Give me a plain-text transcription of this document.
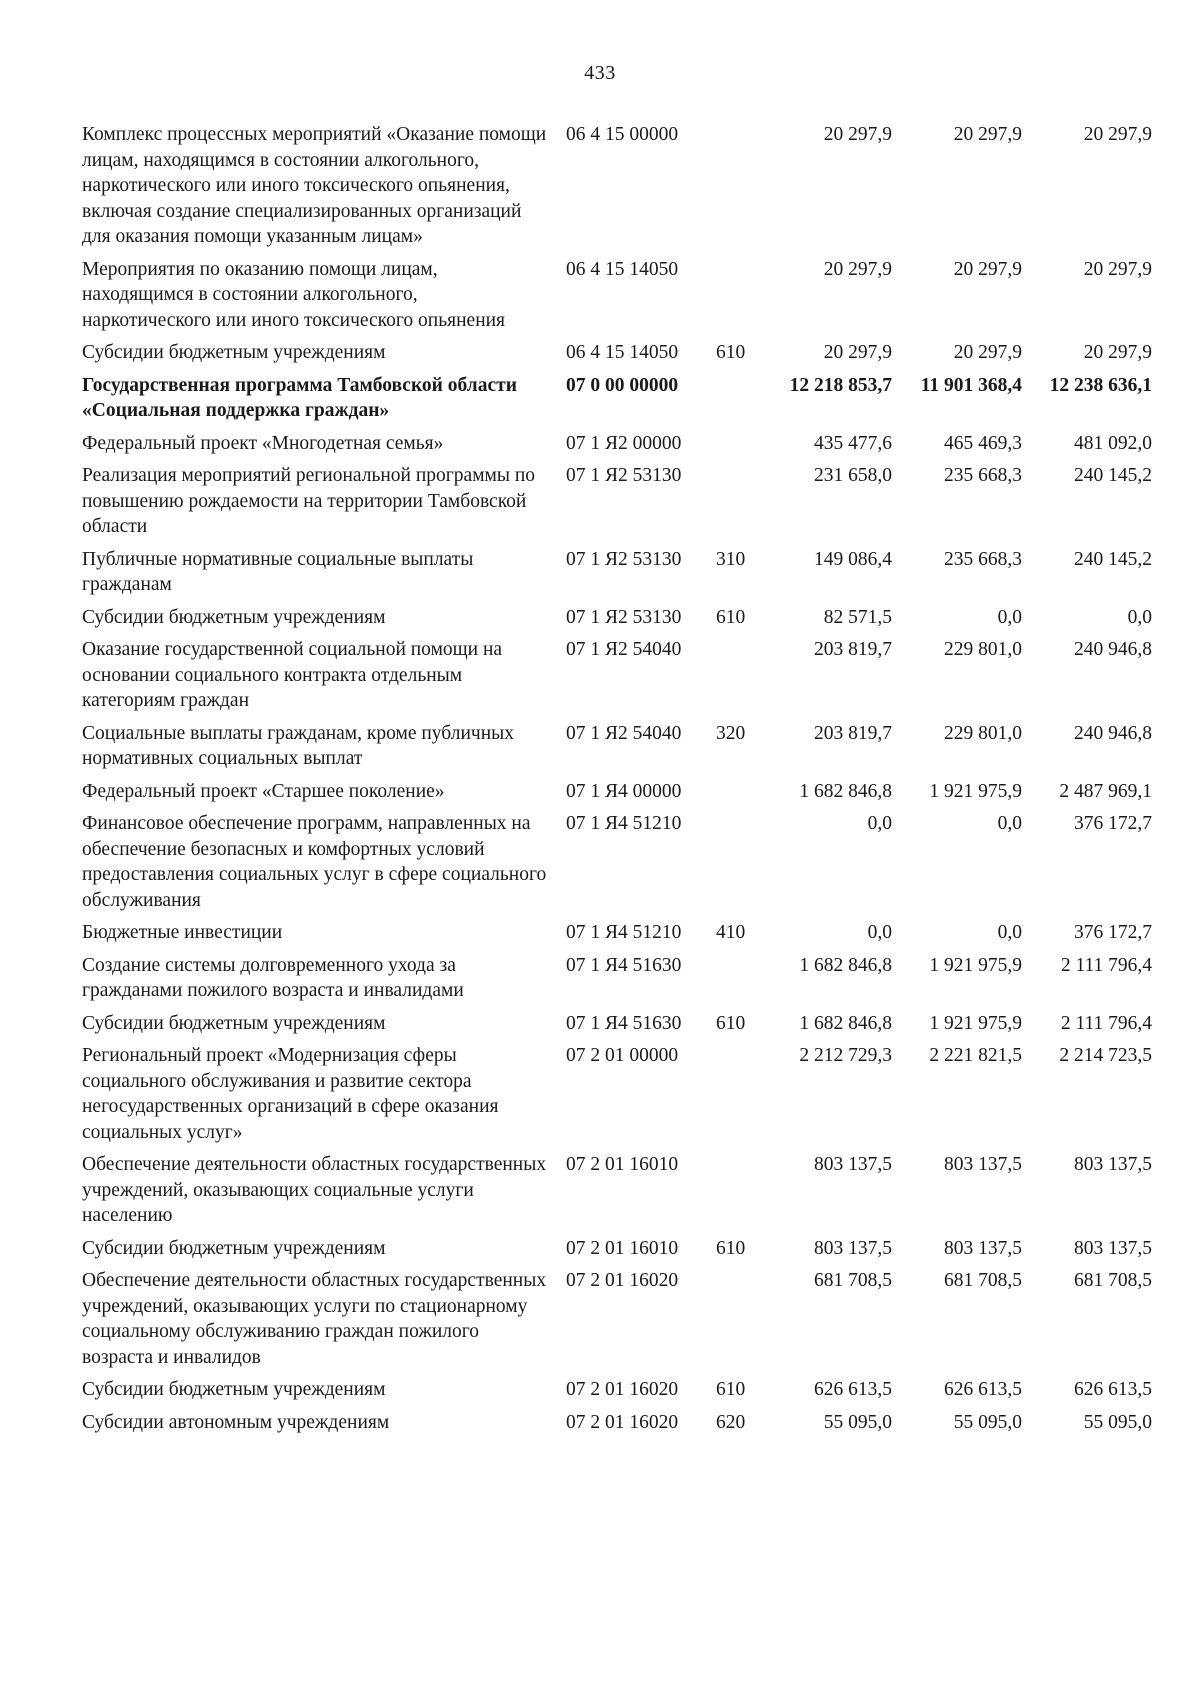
433
Комплекс процессных мероприятий «Оказание помощи лицам, находящимся в состоянии алкогольного, наркотического или иного токсического опьянения, включая создание специализированных организаций для оказания помощи указанным лицам»	06 4 15 00000		20 297,9	20 297,9	20 297,9
Мероприятия по оказанию помощи лицам, находящимся в состоянии алкогольного, наркотического или иного токсического опьянения	06 4 15 14050		20 297,9	20 297,9	20 297,9
Субсидии бюджетным учреждениям	06 4 15 14050	610	20 297,9	20 297,9	20 297,9
Государственная программа Тамбовской области «Социальная поддержка граждан»	07 0 00 00000		12 218 853,7	11 901 368,4	12 238 636,1
Федеральный проект «Многодетная семья»	07 1 Я2 00000		435 477,6	465 469,3	481 092,0
Реализация мероприятий региональной программы по повышению рождаемости на территории Тамбовской области	07 1 Я2 53130		231 658,0	235 668,3	240 145,2
Публичные нормативные социальные выплаты гражданам	07 1 Я2 53130	310	149 086,4	235 668,3	240 145,2
Субсидии бюджетным учреждениям	07 1 Я2 53130	610	82 571,5	0,0	0,0
Оказание государственной социальной помощи на основании социального контракта отдельным категориям граждан	07 1 Я2 54040		203 819,7	229 801,0	240 946,8
Социальные выплаты гражданам, кроме публичных нормативных социальных выплат	07 1 Я2 54040	320	203 819,7	229 801,0	240 946,8
Федеральный проект «Старшее поколение»	07 1 Я4 00000		1 682 846,8	1 921 975,9	2 487 969,1
Финансовое обеспечение программ, направленных на обеспечение безопасных и комфортных условий предоставления социальных услуг в сфере социального обслуживания	07 1 Я4 51210		0,0	0,0	376 172,7
Бюджетные инвестиции	07 1 Я4 51210	410	0,0	0,0	376 172,7
Создание системы долговременного ухода за гражданами пожилого возраста и инвалидами	07 1 Я4 51630		1 682 846,8	1 921 975,9	2 111 796,4
Субсидии бюджетным учреждениям	07 1 Я4 51630	610	1 682 846,8	1 921 975,9	2 111 796,4
Региональный проект «Модернизация сферы социального обслуживания и развитие сектора негосударственных организаций в сфере оказания социальных услуг»	07 2 01 00000		2 212 729,3	2 221 821,5	2 214 723,5
Обеспечение деятельности областных государственных учреждений, оказывающих социальные услуги населению	07 2 01 16010		803 137,5	803 137,5	803 137,5
Субсидии бюджетным учреждениям	07 2 01 16010	610	803 137,5	803 137,5	803 137,5
Обеспечение деятельности областных государственных учреждений, оказывающих услуги по стационарному социальному обслуживанию граждан пожилого возраста и инвалидов	07 2 01 16020		681 708,5	681 708,5	681 708,5
Субсидии бюджетным учреждениям	07 2 01 16020	610	626 613,5	626 613,5	626 613,5
Субсидии автономным учреждениям	07 2 01 16020	620	55 095,0	55 095,0	55 095,0
